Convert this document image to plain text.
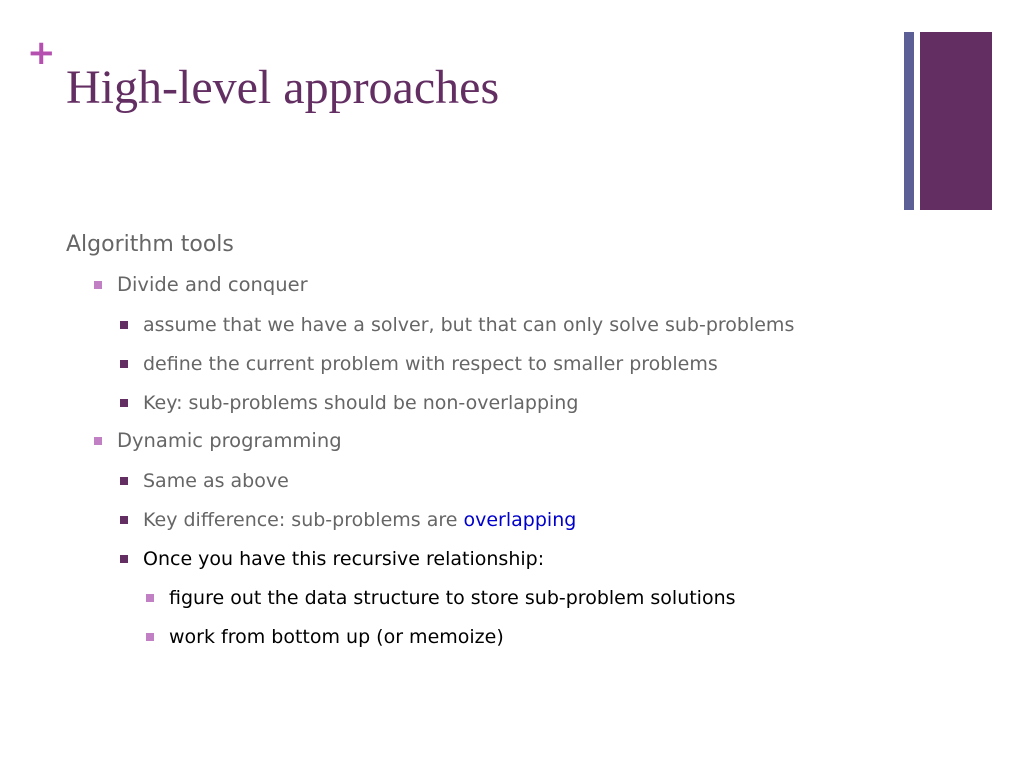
+
High-level approaches
Algorithm tools
Divide and conquer
assume that we have a solver, but that can only solve sub-problems
define the current problem with respect to smaller problems
Key: sub-problems should be non-overlapping
Dynamic programming
Same as above
Key difference: sub-problems are overlapping
Once you have this recursive relationship:
figure out the data structure to store sub-problem solutions
work from bottom up (or memoize)
